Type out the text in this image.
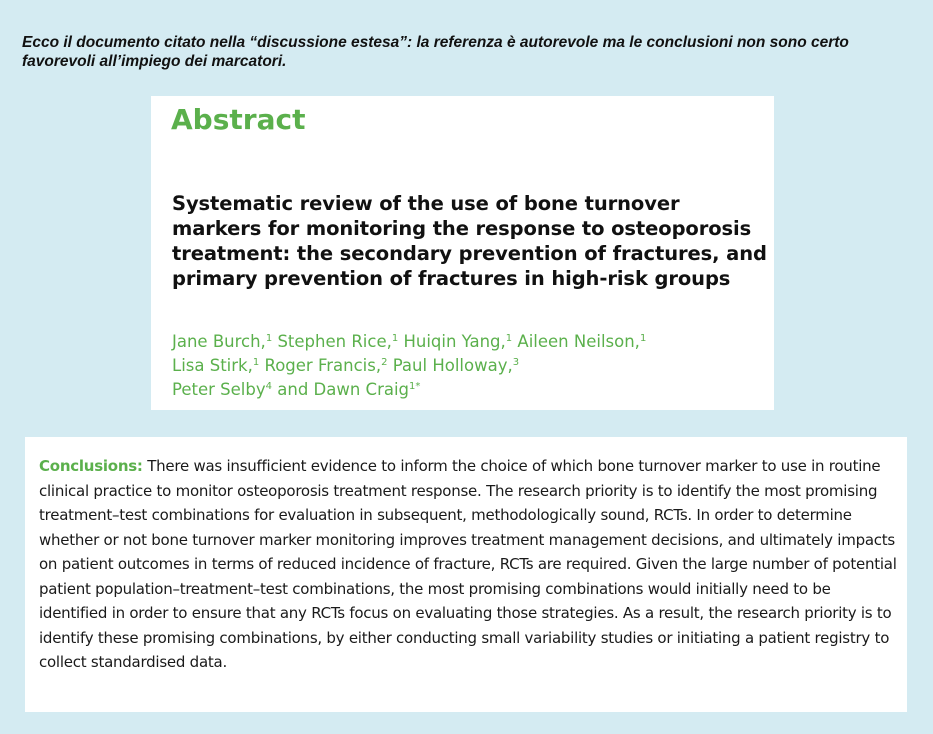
Ecco il documento citato nella “discussione estesa”: la referenza è autorevole ma le conclusioni non sono certo favorevoli all’impiego dei marcatori.

Abstract
Systematic review of the use of bone turnover markers for monitoring the response to osteoporosis treatment: the secondary prevention of fractures, and primary prevention of fractures in high-risk groups

Jane Burch,$^1$ Stephen Rice,$^1$ Huiqin Yang,$^1$ Aileen Neilson,$^1$
Lisa Stirk,$^1$ Roger Francis,$^2$ Paul Holloway,$^3$
Peter Selby$^4$ and Dawn Craig$^{1*}$

Conclusions: There was insufficient evidence to inform the choice of which bone turnover marker to use in routine clinical practice to monitor osteoporosis treatment response. The research priority is to identify the most promising treatment–test combinations for evaluation in subsequent, methodologically sound, RCTs. In order to determine whether or not bone turnover marker monitoring improves treatment management decisions, and ultimately impacts on patient outcomes in terms of reduced incidence of fracture, RCTs are required. Given the large number of potential patient population–treatment–test combinations, the most promising combinations would initially need to be identified in order to ensure that any RCTs focus on evaluating those strategies. As a result, the research priority is to identify these promising combinations, by either conducting small variability studies or initiating a patient registry to collect standardised data.
